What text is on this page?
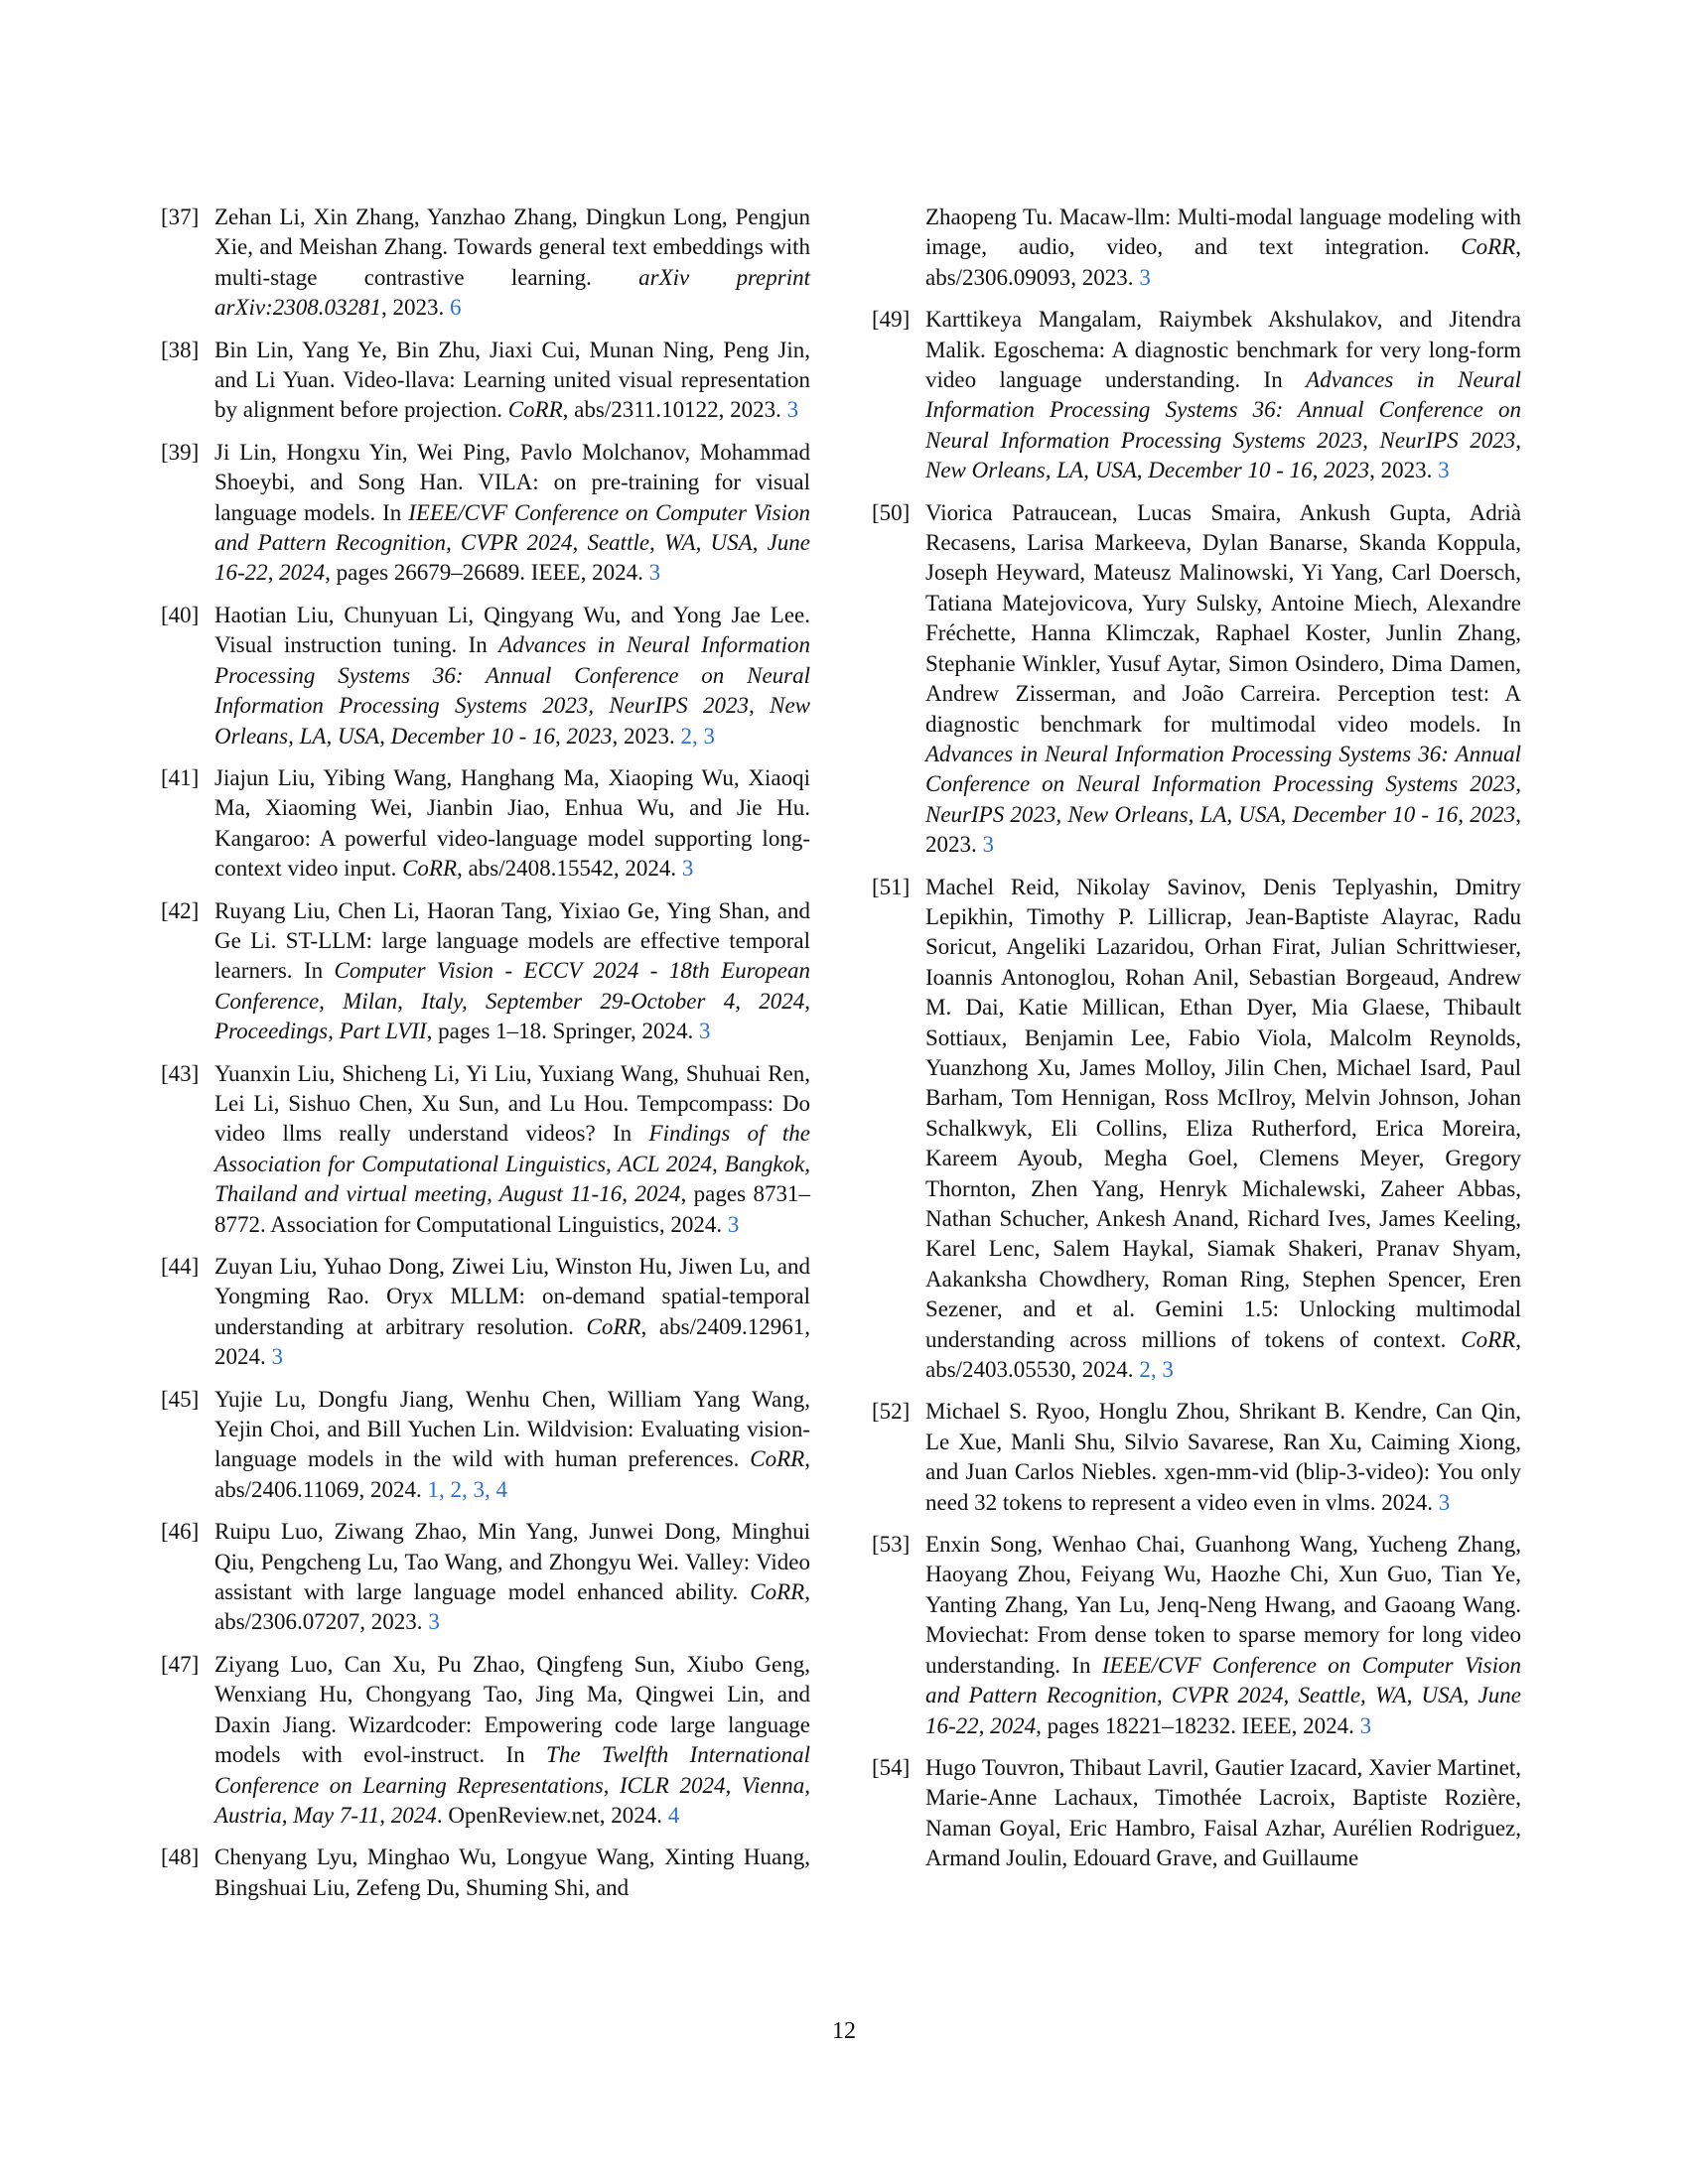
[37] Zehan Li, Xin Zhang, Yanzhao Zhang, Dingkun Long, Pengjun Xie, and Meishan Zhang. Towards general text embeddings with multi-stage contrastive learning. arXiv preprint arXiv:2308.03281, 2023. 6
[38] Bin Lin, Yang Ye, Bin Zhu, Jiaxi Cui, Munan Ning, Peng Jin, and Li Yuan. Video-llava: Learning united visual representation by alignment before projection. CoRR, abs/2311.10122, 2023. 3
[39] Ji Lin, Hongxu Yin, Wei Ping, Pavlo Molchanov, Mohammad Shoeybi, and Song Han. VILA: on pre-training for visual language models. In IEEE/CVF Conference on Computer Vision and Pattern Recognition, CVPR 2024, Seattle, WA, USA, June 16-22, 2024, pages 26679–26689. IEEE, 2024. 3
[40] Haotian Liu, Chunyuan Li, Qingyang Wu, and Yong Jae Lee. Visual instruction tuning. In Advances in Neural Information Processing Systems 36: Annual Conference on Neural Information Processing Systems 2023, NeurIPS 2023, New Orleans, LA, USA, December 10 - 16, 2023, 2023. 2, 3
[41] Jiajun Liu, Yibing Wang, Hanghang Ma, Xiaoping Wu, Xiaoqi Ma, Xiaoming Wei, Jianbin Jiao, Enhua Wu, and Jie Hu. Kangaroo: A powerful video-language model supporting long-context video input. CoRR, abs/2408.15542, 2024. 3
[42] Ruyang Liu, Chen Li, Haoran Tang, Yixiao Ge, Ying Shan, and Ge Li. ST-LLM: large language models are effective temporal learners. In Computer Vision - ECCV 2024 - 18th European Conference, Milan, Italy, September 29-October 4, 2024, Proceedings, Part LVII, pages 1–18. Springer, 2024. 3
[43] Yuanxin Liu, Shicheng Li, Yi Liu, Yuxiang Wang, Shuhuai Ren, Lei Li, Sishuo Chen, Xu Sun, and Lu Hou. Tempcompass: Do video llms really understand videos? In Findings of the Association for Computational Linguistics, ACL 2024, Bangkok, Thailand and virtual meeting, August 11-16, 2024, pages 8731–8772. Association for Computational Linguistics, 2024. 3
[44] Zuyan Liu, Yuhao Dong, Ziwei Liu, Winston Hu, Jiwen Lu, and Yongming Rao. Oryx MLLM: on-demand spatial-temporal understanding at arbitrary resolution. CoRR, abs/2409.12961, 2024. 3
[45] Yujie Lu, Dongfu Jiang, Wenhu Chen, William Yang Wang, Yejin Choi, and Bill Yuchen Lin. Wildvision: Evaluating vision-language models in the wild with human preferences. CoRR, abs/2406.11069, 2024. 1, 2, 3, 4
[46] Ruipu Luo, Ziwang Zhao, Min Yang, Junwei Dong, Minghui Qiu, Pengcheng Lu, Tao Wang, and Zhongyu Wei. Valley: Video assistant with large language model enhanced ability. CoRR, abs/2306.07207, 2023. 3
[47] Ziyang Luo, Can Xu, Pu Zhao, Qingfeng Sun, Xiubo Geng, Wenxiang Hu, Chongyang Tao, Jing Ma, Qingwei Lin, and Daxin Jiang. Wizardcoder: Empowering code large language models with evol-instruct. In The Twelfth International Conference on Learning Representations, ICLR 2024, Vienna, Austria, May 7-11, 2024. OpenReview.net, 2024. 4
[48] Chenyang Lyu, Minghao Wu, Longyue Wang, Xinting Huang, Bingshuai Liu, Zefeng Du, Shuming Shi, and
Zhaopeng Tu. Macaw-llm: Multi-modal language modeling with image, audio, video, and text integration. CoRR, abs/2306.09093, 2023. 3
[49] Karttikeya Mangalam, Raiymbek Akshulakov, and Jitendra Malik. Egoschema: A diagnostic benchmark for very long-form video language understanding. In Advances in Neural Information Processing Systems 36: Annual Conference on Neural Information Processing Systems 2023, NeurIPS 2023, New Orleans, LA, USA, December 10 - 16, 2023, 2023. 3
[50] Viorica Patraucean, Lucas Smaira, Ankush Gupta, Adrià Recasens, Larisa Markeeva, Dylan Banarse, Skanda Koppula, Joseph Heyward, Mateusz Malinowski, Yi Yang, Carl Doersch, Tatiana Matejovicova, Yury Sulsky, Antoine Miech, Alexandre Fréchette, Hanna Klimczak, Raphael Koster, Junlin Zhang, Stephanie Winkler, Yusuf Aytar, Simon Osindero, Dima Damen, Andrew Zisserman, and João Carreira. Perception test: A diagnostic benchmark for multimodal video models. In Advances in Neural Information Processing Systems 36: Annual Conference on Neural Information Processing Systems 2023, NeurIPS 2023, New Orleans, LA, USA, December 10 - 16, 2023, 2023. 3
[51] Machel Reid, Nikolay Savinov, Denis Teplyashin, Dmitry Lepikhin, Timothy P. Lillicrap, Jean-Baptiste Alayrac, Radu Soricut, Angeliki Lazaridou, Orhan Firat, Julian Schrittwieser, Ioannis Antonoglou, Rohan Anil, Sebastian Borgeaud, Andrew M. Dai, Katie Millican, Ethan Dyer, Mia Glaese, Thibault Sottiaux, Benjamin Lee, Fabio Viola, Malcolm Reynolds, Yuanzhong Xu, James Molloy, Jilin Chen, Michael Isard, Paul Barham, Tom Hennigan, Ross McIlroy, Melvin Johnson, Johan Schalkwyk, Eli Collins, Eliza Rutherford, Erica Moreira, Kareem Ayoub, Megha Goel, Clemens Meyer, Gregory Thornton, Zhen Yang, Henryk Michalewski, Zaheer Abbas, Nathan Schucher, Ankesh Anand, Richard Ives, James Keeling, Karel Lenc, Salem Haykal, Siamak Shakeri, Pranav Shyam, Aakanksha Chowdhery, Roman Ring, Stephen Spencer, Eren Sezener, and et al. Gemini 1.5: Unlocking multimodal understanding across millions of tokens of context. CoRR, abs/2403.05530, 2024. 2, 3
[52] Michael S. Ryoo, Honglu Zhou, Shrikant B. Kendre, Can Qin, Le Xue, Manli Shu, Silvio Savarese, Ran Xu, Caiming Xiong, and Juan Carlos Niebles. xgen-mm-vid (blip-3-video): You only need 32 tokens to represent a video even in vlms. 2024. 3
[53] Enxin Song, Wenhao Chai, Guanhong Wang, Yucheng Zhang, Haoyang Zhou, Feiyang Wu, Haozhe Chi, Xun Guo, Tian Ye, Yanting Zhang, Yan Lu, Jenq-Neng Hwang, and Gaoang Wang. Moviechat: From dense token to sparse memory for long video understanding. In IEEE/CVF Conference on Computer Vision and Pattern Recognition, CVPR 2024, Seattle, WA, USA, June 16-22, 2024, pages 18221–18232. IEEE, 2024. 3
[54] Hugo Touvron, Thibaut Lavril, Gautier Izacard, Xavier Martinet, Marie-Anne Lachaux, Timothée Lacroix, Baptiste Rozière, Naman Goyal, Eric Hambro, Faisal Azhar, Aurélien Rodriguez, Armand Joulin, Edouard Grave, and Guillaume
12
